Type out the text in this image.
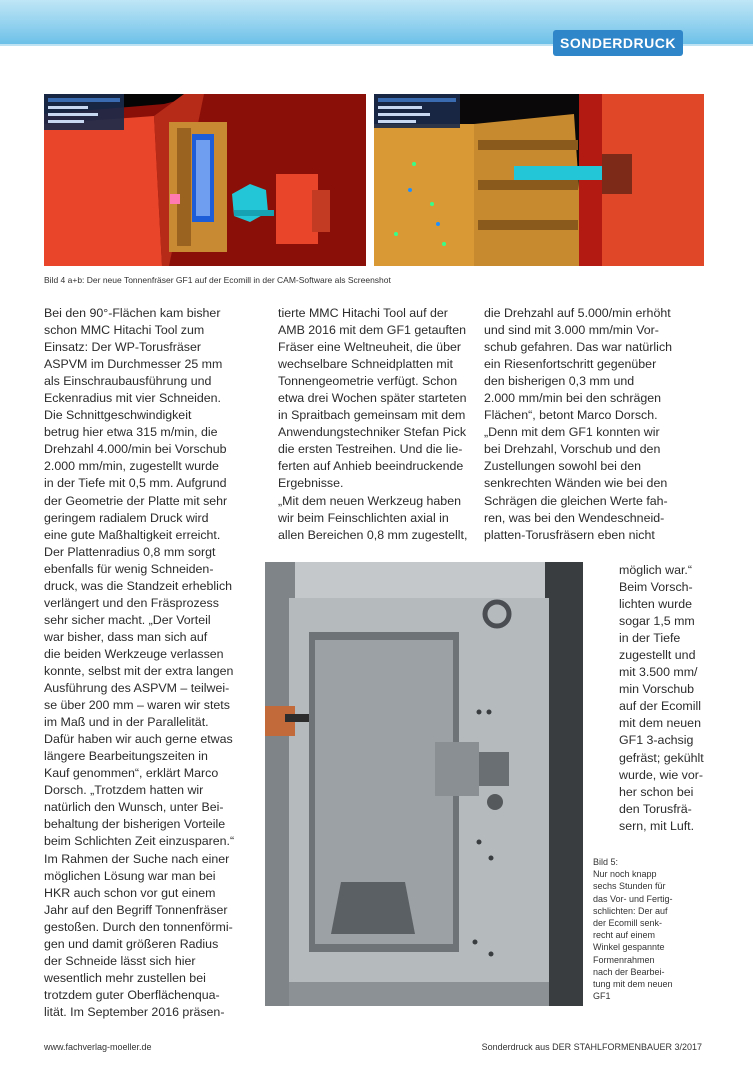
SONDERDRUCK
Bild 4 a+b: Der neue Tonnenfräser GF1 auf der Ecomill in der CAM-Software als Screenshot

Bei den 90°-Flächen kam bisher

schon MMC Hitachi Tool zum

Einsatz: Der WP-Torusfräser

ASPVM im Durchmesser 25 mm

als Einschraubausführung und

Eckenradius mit vier Schneiden.

Die Schnittgeschwindigkeit

betrug hier etwa 315 m/min, die

Drehzahl 4.000/min bei Vorschub

2.000 mm/min, zugestellt wurde

in der Tiefe mit 0,5 mm. Aufgrund

der Geometrie der Platte mit sehr

geringem radialem Druck wird

eine gute Maßhaltigkeit erreicht.

Der Plattenradius 0,8 mm sorgt

ebenfalls für wenig Schneiden-

druck, was die Standzeit erheblich

verlängert und den Fräsprozess

sehr sicher macht. „Der Vorteil

war bisher, dass man sich auf

die beiden Werkzeuge verlassen

konnte, selbst mit der extra langen

Ausführung des ASPVM – teilwei-

se über 200 mm – waren wir stets

im Maß und in der Parallelität.

Dafür haben wir auch gerne etwas

längere Bearbeitungszeiten in

Kauf genommen“, erklärt Marco

Dorsch. „Trotzdem hatten wir

natürlich den Wunsch, unter Bei-

behaltung der bisherigen Vorteile

beim Schlichten Zeit einzusparen.“

Im Rahmen der Suche nach einer

möglichen Lösung war man bei

HKR auch schon vor gut einem

Jahr auf den Begriff Tonnenfräser

gestoßen. Durch den tonnenförmi-

gen und damit größeren Radius

der Schneide lässt sich hier

wesentlich mehr zustellen bei

trotzdem guter Oberflächenqua-

lität. Im September 2016 präsen-

tierte MMC Hitachi Tool auf der

AMB 2016 mit dem GF1 getauften

Fräser eine Weltneuheit, die über

wechselbare Schneidplatten mit

Tonnengeometrie verfügt. Schon

etwa drei Wochen später starteten

in Spraitbach gemeinsam mit dem

Anwendungstechniker Stefan Pick

die ersten Testreihen. Und die lie-

ferten auf Anhieb beeindruckende

Ergebnisse.

„Mit dem neuen Werkzeug haben

wir beim Feinschlichten axial in

allen Bereichen 0,8 mm zugestellt,

die Drehzahl auf 5.000/min erhöht

und sind mit 3.000 mm/min Vor-

schub gefahren. Das war natürlich

ein Riesenfortschritt gegenüber

den bisherigen 0,3 mm und

2.000 mm/min bei den schrägen

Flächen“, betont Marco Dorsch.

„Denn mit dem GF1 konnten wir

bei Drehzahl, Vorschub und den

Zustellungen sowohl bei den

senkrechten Wänden wie bei den

Schrägen die gleichen Werte fah-

ren, was bei den Wendeschneid-

platten-Torusfräsern eben nicht

möglich war.“

Beim Vorsch-

lichten wurde

sogar 1,5 mm

in der Tiefe

zugestellt und

mit 3.500 mm/

min Vorschub

auf der Ecomill

mit dem neuen

GF1 3-achsig

gefräst; gekühlt

wurde, wie vor-

her schon bei

den Torusfrä-

sern, mit Luft.

Bild 5:

Nur noch knapp

sechs Stunden für

das Vor- und Fertig-

schlichten: Der auf

der Ecomill senk-

recht auf einem

Winkel gespannte

Formenrahmen

nach der Bearbei-

tung mit dem neuen

GF1

www.fachverlag-moeller.de	Sonderdruck aus DER STAHLFORMENBAUER 3/2017
